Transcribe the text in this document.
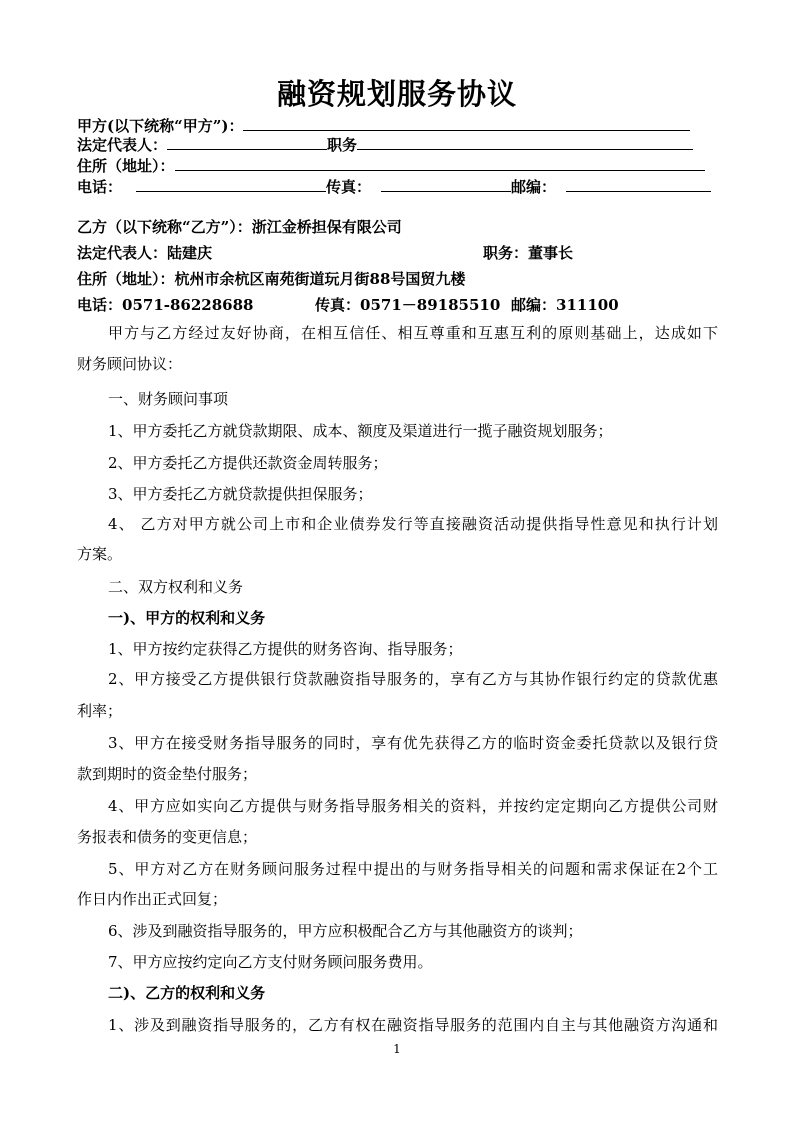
融资规划服务协议
甲方(以下统称“甲方”)：
法定代表人：	职务
住所（地址）：
电话：	传真：	邮编：
乙方（以下统称“乙方”）：浙江金桥担保有限公司
法定代表人：陆建庆	职务：董事长
住所（地址）：杭州市余杭区南苑街道玩月街88号国贸九楼
电话：0571-86228688	传真：0571－89185510 邮编：311100
甲方与乙方经过友好协商，在相互信任、相互尊重和互惠互利的原则基础上，达成如下
财务顾问协议：
一、财务顾问事项
1、甲方委托乙方就贷款期限、成本、额度及渠道进行一揽子融资规划服务；
2、甲方委托乙方提供还款资金周转服务；
3、甲方委托乙方就贷款提供担保服务；
4、 乙方对甲方就公司上市和企业债券发行等直接融资活动提供指导性意见和执行计划
方案。
二、双方权利和义务
一)、甲方的权利和义务
1、甲方按约定获得乙方提供的财务咨询、指导服务；
2、甲方接受乙方提供银行贷款融资指导服务的，享有乙方与其协作银行约定的贷款优惠
利率；
3、甲方在接受财务指导服务的同时，享有优先获得乙方的临时资金委托贷款以及银行贷
款到期时的资金垫付服务；
4、甲方应如实向乙方提供与财务指导服务相关的资料，并按约定定期向乙方提供公司财
务报表和债务的变更信息；
5、甲方对乙方在财务顾问服务过程中提出的与财务指导相关的问题和需求保证在2个工
作日内作出正式回复；
6、涉及到融资指导服务的，甲方应积极配合乙方与其他融资方的谈判；
7、甲方应按约定向乙方支付财务顾问服务费用。
二)、乙方的权利和义务
1、涉及到融资指导服务的，乙方有权在融资指导服务的范围内自主与其他融资方沟通和
1
